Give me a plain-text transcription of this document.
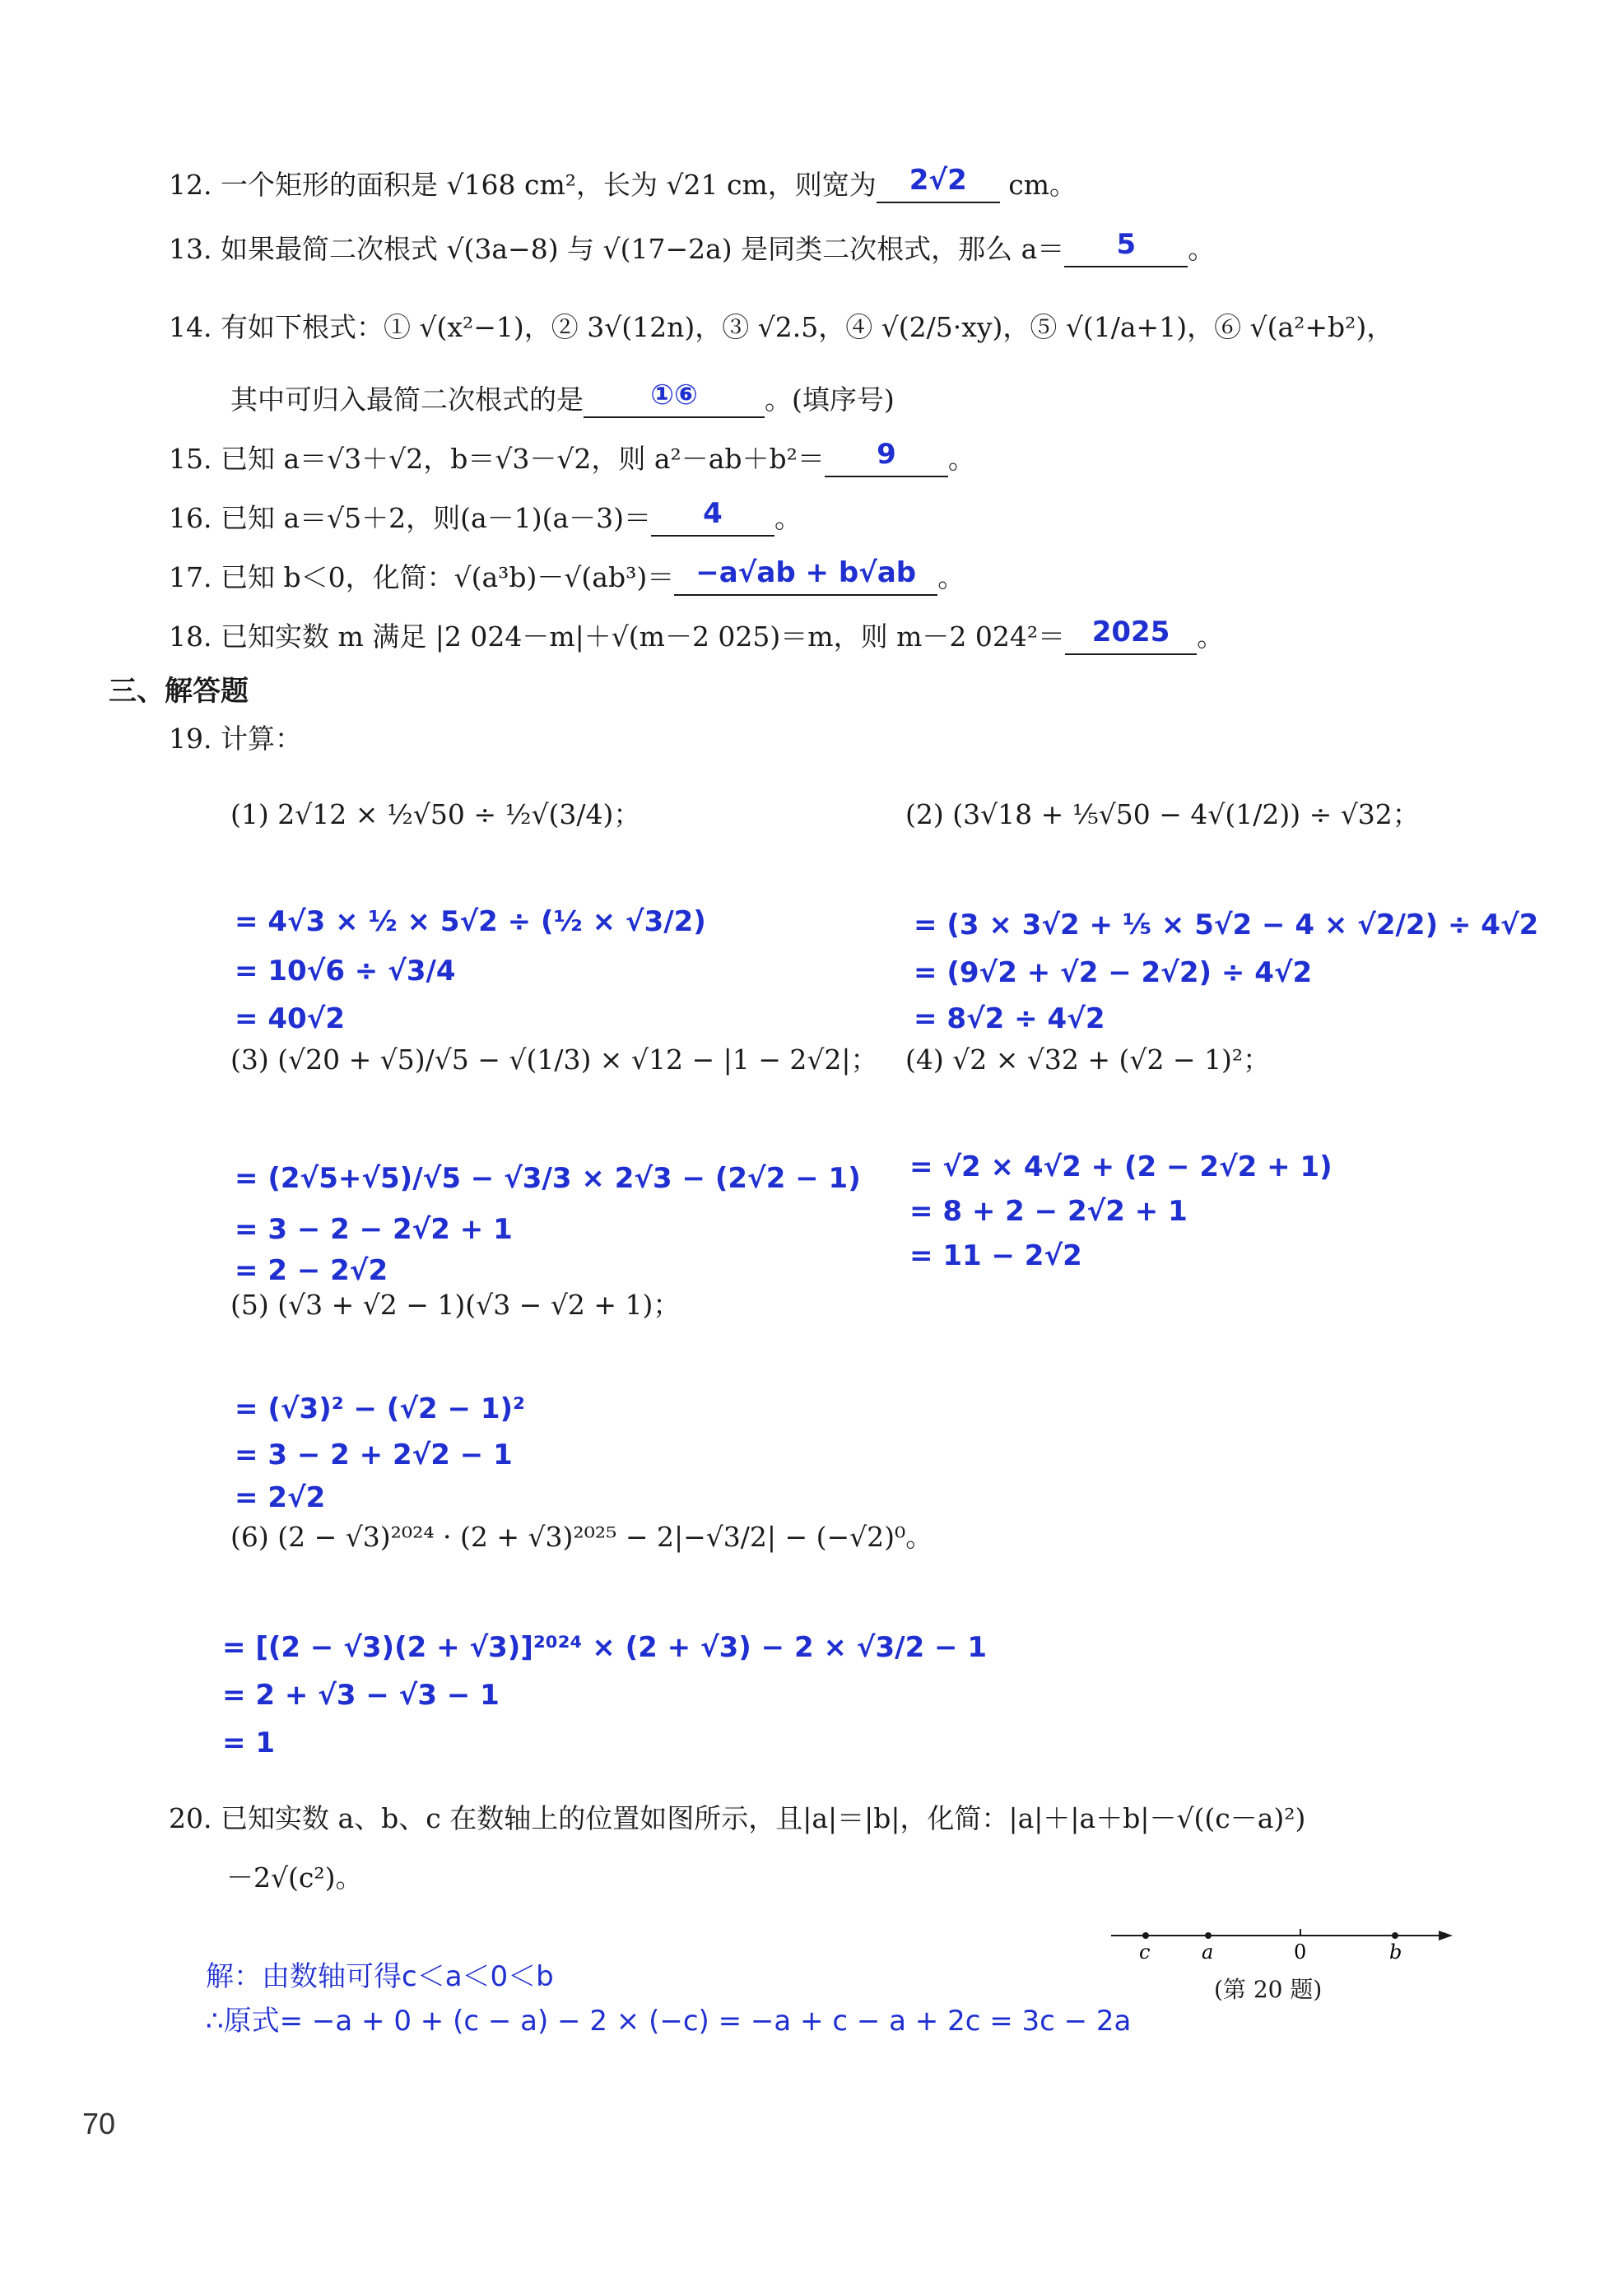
12. 一个矩形的面积是 √168 cm²，长为 √21 cm，则宽为 2√2 cm。
13. 如果最简二次根式 √(3a−8) 与 √(17−2a) 是同类二次根式，那么 a＝ 5 。
14. 有如下根式：① √(x²−1)，② 3√(12n)，③ √2.5，④ √(2/5·xy)，⑤ √(1/a+1)，⑥ √(a²+b²)，
其中可归入最简二次根式的是 ①⑥ 。(填序号)
15. 已知 a＝√3＋√2，b＝√3－√2，则 a²－ab＋b²＝ 9 。
16. 已知 a＝√5＋2，则(a－1)(a－3)＝ 4 。
17. 已知 b＜0，化简：√(a³b)－√(ab³)＝ −a√ab + b√ab 。
18. 已知实数 m 满足 |2 024－m|＋√(m－2 025)＝m，则 m－2 024²＝ 2025 。
三、解答题
19. 计算：
(1) 2√12 × ½√50 ÷ ½√(3/4)；
= 4√3 × ½ × 5√2 ÷ (½ × √3/2)
= 10√6 ÷ √3/4
= 40√2
(2) (3√18 + ⅕√50 − 4√(1/2)) ÷ √32；
= (3 × 3√2 + ⅕ × 5√2 − 4 × √2/2) ÷ 4√2
= (9√2 + √2 − 2√2) ÷ 4√2
= 8√2 ÷ 4√2
(3) (√20 + √5)/√5 − √(1/3) × √12 − |1 − 2√2|；
= (2√5+√5)/√5 − √3/3 × 2√3 − (2√2 − 1)
= 3 − 2 − 2√2 + 1
= 2 − 2√2
(4) √2 × √32 + (√2 − 1)²；
= √2 × 4√2 + (2 − 2√2 + 1)
= 8 + 2 − 2√2 + 1
= 11 − 2√2
(5) (√3 + √2 − 1)(√3 − √2 + 1)；
= (√3)² − (√2 − 1)²
= 3 − 2 + 2√2 − 1
= 2√2
(6) (2 − √3)²⁰²⁴ · (2 + √3)²⁰²⁵ − 2|−√3/2| − (−√2)⁰。
= [(2 − √3)(2 + √3)]²⁰²⁴ × (2 + √3) − 2 × √3/2 − 1
= 2 + √3 − √3 − 1
= 1
20. 已知实数 a、b、c 在数轴上的位置如图所示，且|a|＝|b|，化简：|a|＋|a＋b|－√((c－a)²)
－2√(c²)。
解：由数轴可得c＜a＜0＜b
∴原式= −a + 0 + (c − a) − 2 × (−c) = −a + c − a + 2c = 3c − 2a
c	a	0	b
(第 20 题)
70
